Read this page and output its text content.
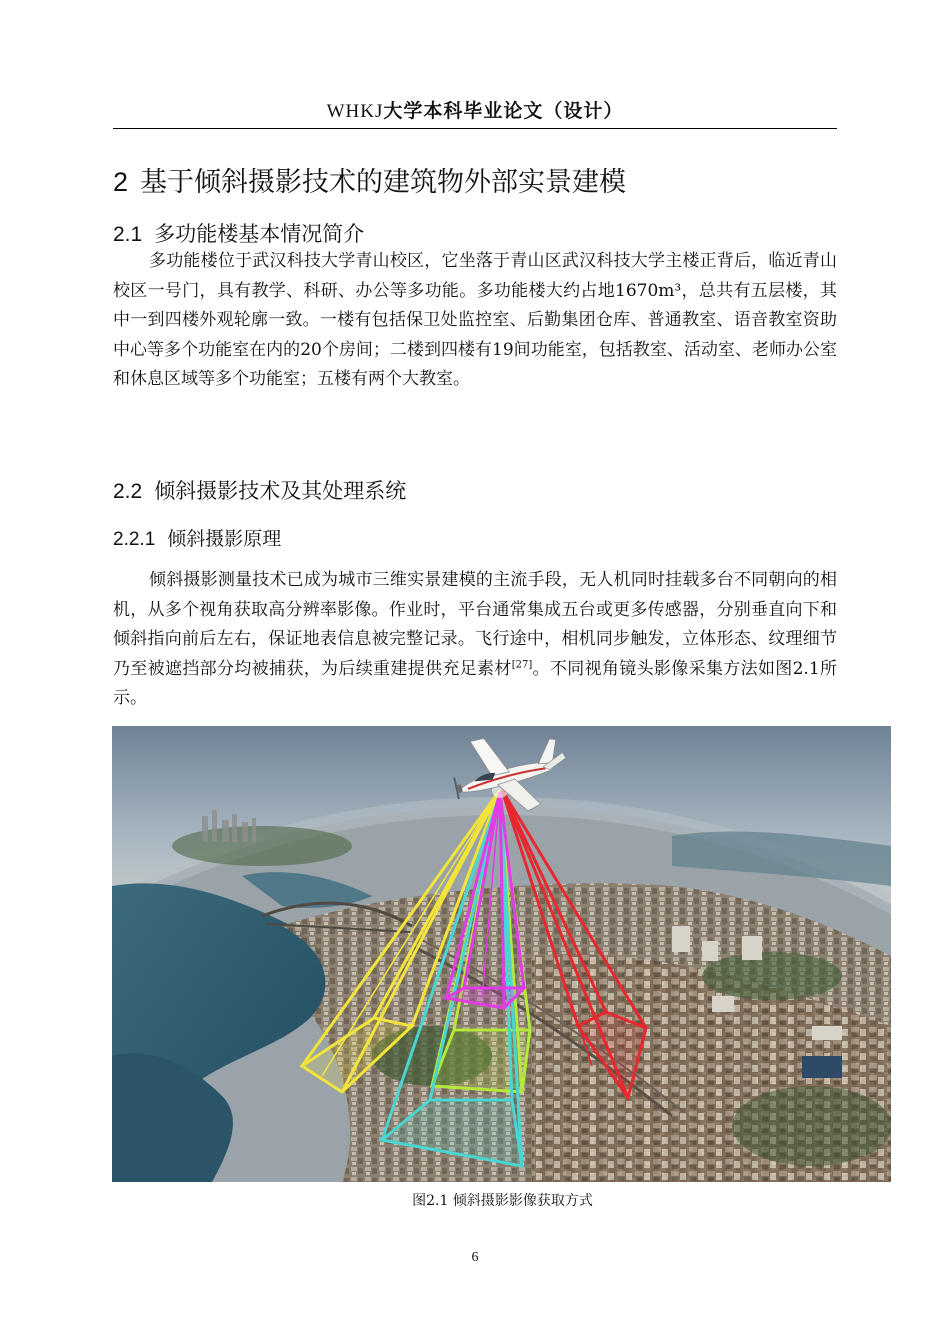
WHKJ大学本科毕业论文（设计）
2 基于倾斜摄影技术的建筑物外部实景建模
2.1 多功能楼基本情况简介

多功能楼位于武汉科技大学青山校区，它坐落于青山区武汉科技大学主楼正背后，临近青山校区一号门，具有教学、科研、办公等多功能。多功能楼大约占地1670m³，总共有五层楼，其中一到四楼外观轮廓一致。一楼有包括保卫处监控室、后勤集团仓库、普通教室、语音教室资助中心等多个功能室在内的20个房间；二楼到四楼有19间功能室，包括教室、活动室、老师办公室和休息区域等多个功能室；五楼有两个大教室。

2.2 倾斜摄影技术及其处理系统
2.2.1 倾斜摄影原理

倾斜摄影测量技术已成为城市三维实景建模的主流手段，无人机同时挂载多台不同朝向的相机，从多个视角获取高分辨率影像。作业时，平台通常集成五台或更多传感器，分别垂直向下和倾斜指向前后左右，保证地表信息被完整记录。飞行途中，相机同步触发，立体形态、纹理细节乃至被遮挡部分均被捕获，为后续重建提供充足素材[27]。不同视角镜头影像采集方法如图2.1所示。

图2.1 倾斜摄影影像获取方式
6
